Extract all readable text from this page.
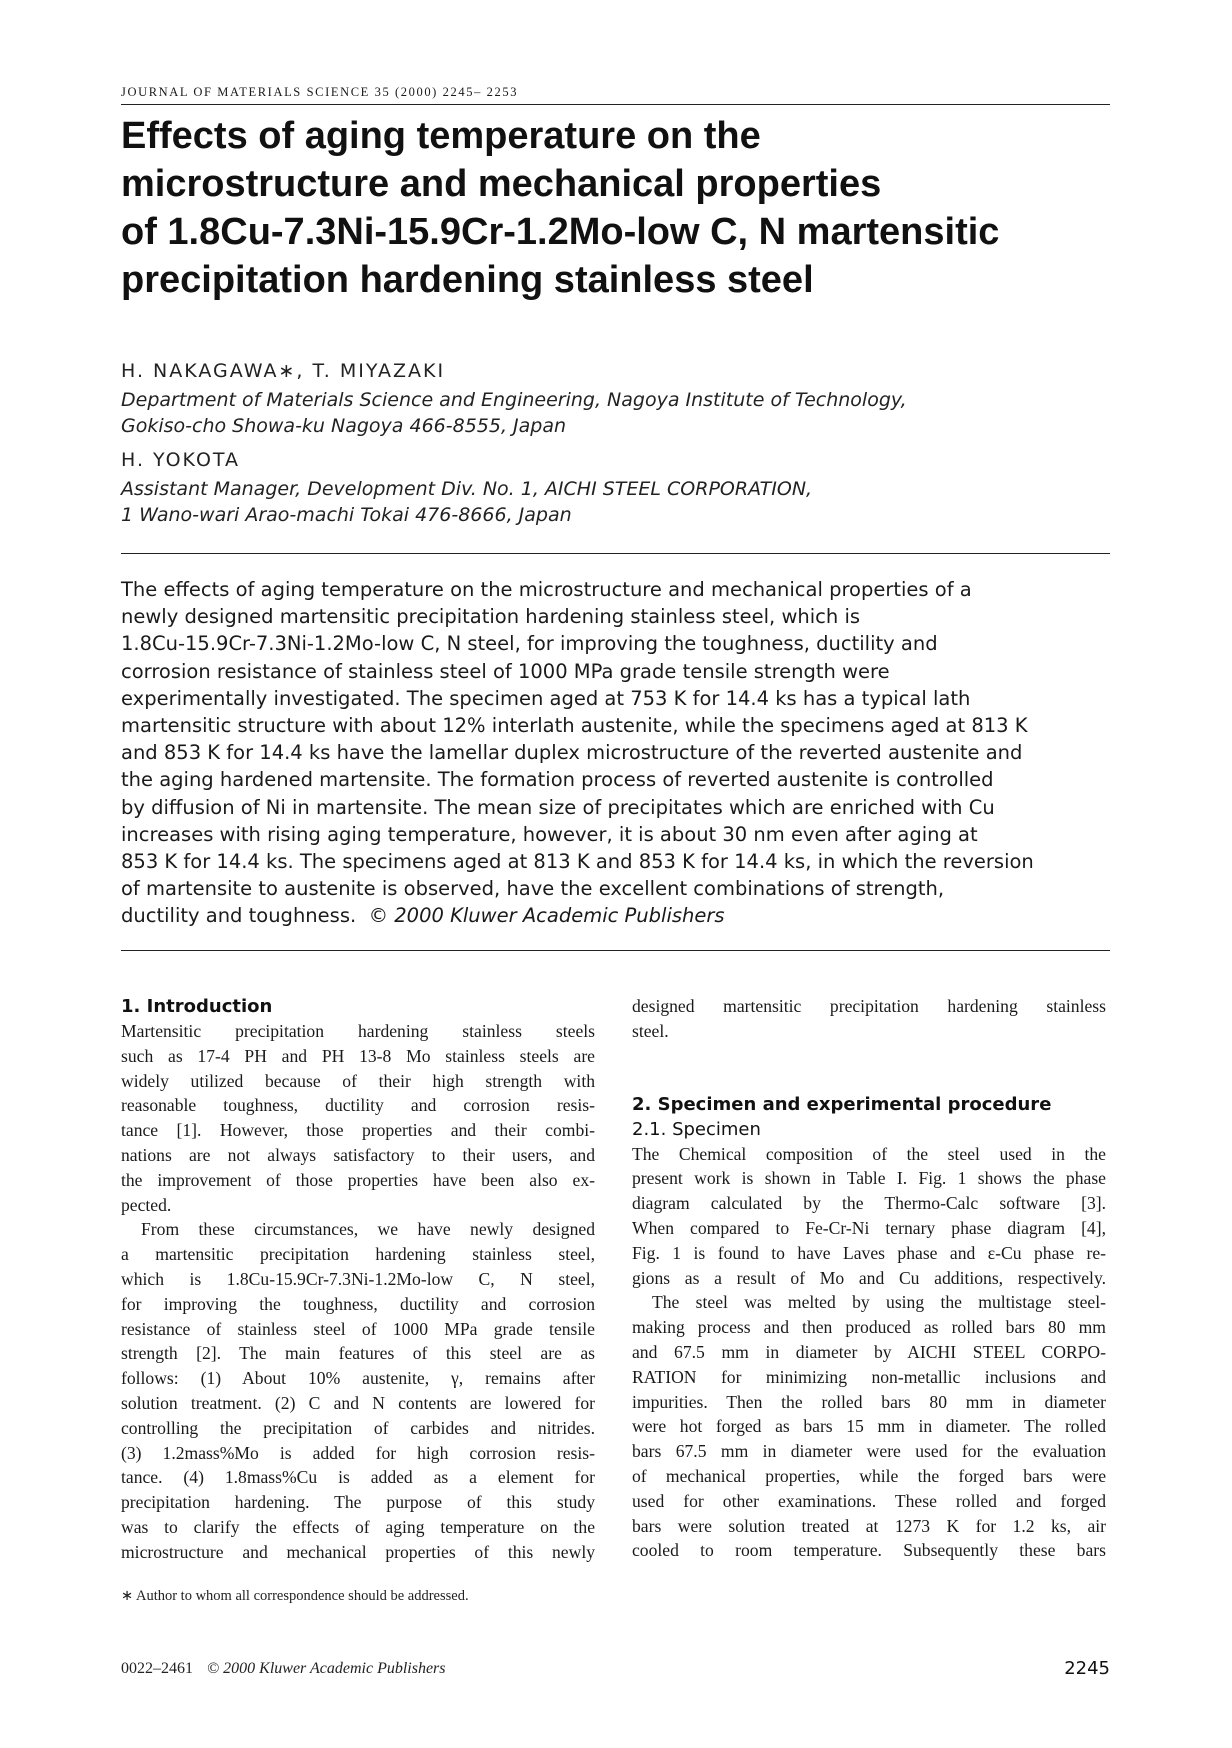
JOURNAL OF MATERIALS SCIENCE 35 (2000) 2245– 2253
Effects of aging temperature on the
microstructure and mechanical properties
of 1.8Cu-7.3Ni-15.9Cr-1.2Mo-low C, N martensitic
precipitation hardening stainless steel
H. NAKAGAWA∗, T. MIYAZAKI
Department of Materials Science and Engineering, Nagoya Institute of Technology,
Gokiso-cho Showa-ku Nagoya 466-8555, Japan
H. YOKOTA
Assistant Manager, Development Div. No. 1, AICHI STEEL CORPORATION,
1 Wano-wari Arao-machi Tokai 476-8666, Japan
The effects of aging temperature on the microstructure and mechanical properties of a
newly designed martensitic precipitation hardening stainless steel, which is
1.8Cu-15.9Cr-7.3Ni-1.2Mo-low C, N steel, for improving the toughness, ductility and
corrosion resistance of stainless steel of 1000 MPa grade tensile strength were
experimentally investigated. The specimen aged at 753 K for 14.4 ks has a typical lath
martensitic structure with about 12% interlath austenite, while the specimens aged at 813 K
and 853 K for 14.4 ks have the lamellar duplex microstructure of the reverted austenite and
the aging hardened martensite. The formation process of reverted austenite is controlled
by diffusion of Ni in martensite. The mean size of precipitates which are enriched with Cu
increases with rising aging temperature, however, it is about 30 nm even after aging at
853 K for 14.4 ks. The specimens aged at 813 K and 853 K for 14.4 ks, in which the reversion
of martensite to austenite is observed, have the excellent combinations of strength,
ductility and toughness. © 2000 Kluwer Academic Publishers
1. Introduction
Martensitic precipitation hardening stainless steels
such as 17-4 PH and PH 13-8 Mo stainless steels are
widely utilized because of their high strength with
reasonable toughness, ductility and corrosion resis-
tance [1]. However, those properties and their combi-
nations are not always satisfactory to their users, and
the improvement of those properties have been also ex-
pected.
From these circumstances, we have newly designed
a martensitic precipitation hardening stainless steel,
which is 1.8Cu-15.9Cr-7.3Ni-1.2Mo-low C, N steel,
for improving the toughness, ductility and corrosion
resistance of stainless steel of 1000 MPa grade tensile
strength [2]. The main features of this steel are as
follows: (1) About 10% austenite, γ, remains after
solution treatment. (2) C and N contents are lowered for
controlling the precipitation of carbides and nitrides.
(3) 1.2mass%Mo is added for high corrosion resis-
tance. (4) 1.8mass%Cu is added as a element for
precipitation hardening. The purpose of this study
was to clarify the effects of aging temperature on the
microstructure and mechanical properties of this newly
designed martensitic precipitation hardening stainless
steel.
2. Specimen and experimental procedure
2.1. Specimen
The Chemical composition of the steel used in the
present work is shown in Table I. Fig. 1 shows the phase
diagram calculated by the Thermo-Calc software [3].
When compared to Fe-Cr-Ni ternary phase diagram [4],
Fig. 1 is found to have Laves phase and ε-Cu phase re-
gions as a result of Mo and Cu additions, respectively.
The steel was melted by using the multistage steel-
making process and then produced as rolled bars 80 mm
and 67.5 mm in diameter by AICHI STEEL CORPO-
RATION for minimizing non-metallic inclusions and
impurities. Then the rolled bars 80 mm in diameter
were hot forged as bars 15 mm in diameter. The rolled
bars 67.5 mm in diameter were used for the evaluation
of mechanical properties, while the forged bars were
used for other examinations. These rolled and forged
bars were solution treated at 1273 K for 1.2 ks, air
cooled to room temperature. Subsequently these bars
∗ Author to whom all correspondence should be addressed.
0022–2461 © 2000 Kluwer Academic Publishers	2245
